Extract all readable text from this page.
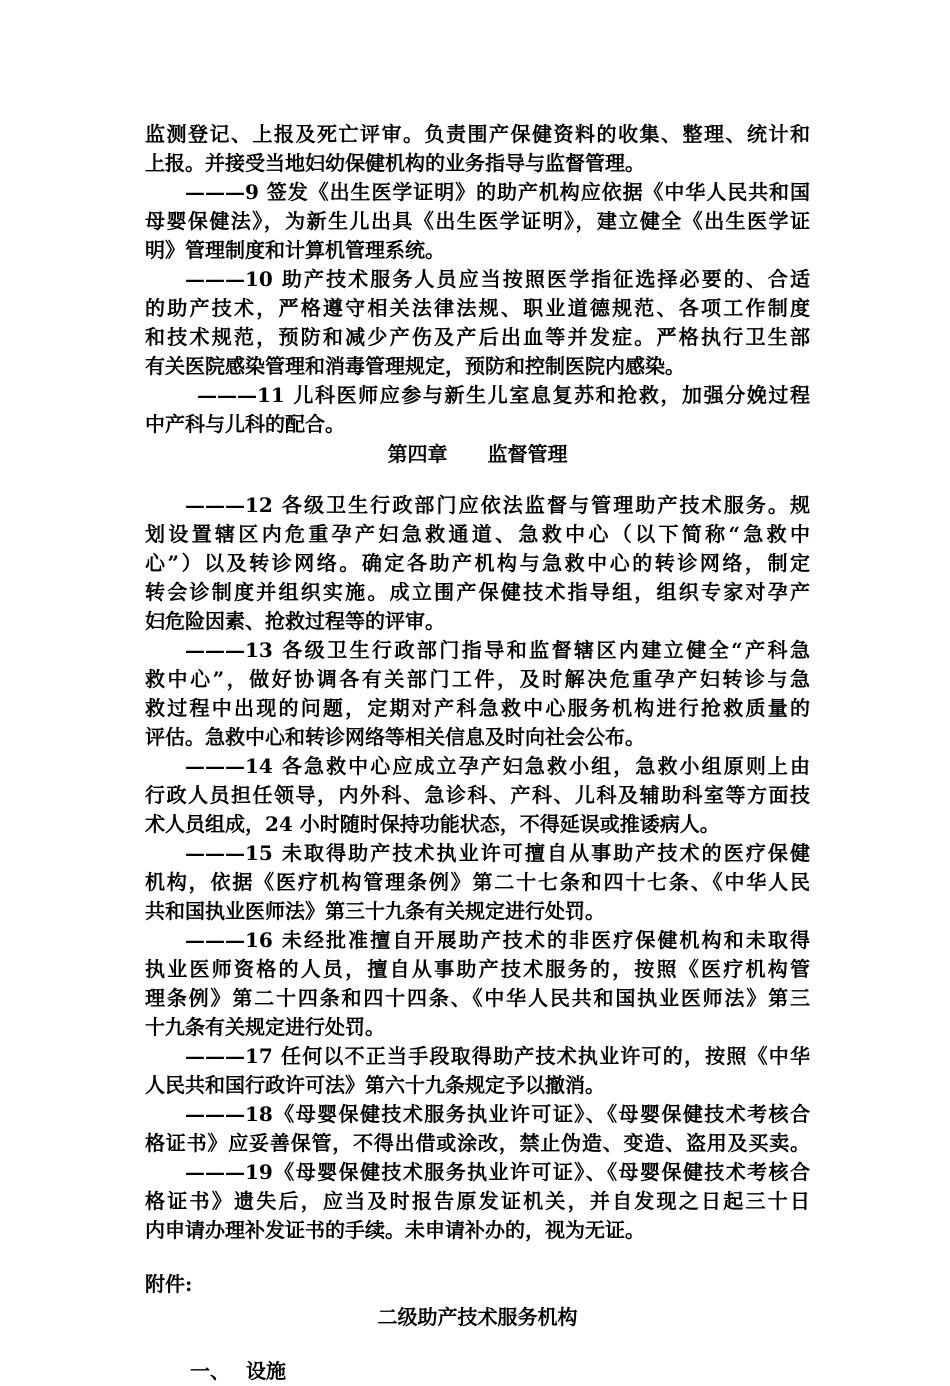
监测登记、上报及死亡评审。负责围产保健资料的收集、整理、统计和
上报。并接受当地妇幼保健机构的业务指导与监督管理。
———9 签发《出生医学证明》的助产机构应依据《中华人民共和国
母婴保健法》，为新生儿出具《出生医学证明》，建立健全《出生医学证
明》管理制度和计算机管理系统。
———10 助产技术服务人员应当按照医学指征选择必要的、合适
的助产技术，严格遵守相关法律法规、职业道德规范、各项工作制度
和技术规范，预防和减少产伤及产后出血等并发症。严格执行卫生部
有关医院感染管理和消毒管理规定，预防和控制医院内感染。
———11 儿科医师应参与新生儿室息复苏和抢救，加强分娩过程
中产科与儿科的配合。
第四章　　监督管理
———12 各级卫生行政部门应依法监督与管理助产技术服务。规
划设置辖区内危重孕产妇急救通道、急救中心（以下简称“急救中
心”）以及转诊网络。确定各助产机构与急救中心的转诊网络，制定
转会诊制度并组织实施。成立围产保健技术指导组，组织专家对孕产
妇危险因素、抢救过程等的评审。
———13 各级卫生行政部门指导和监督辖区内建立健全“产科急
救中心”，做好协调各有关部门工件，及时解决危重孕产妇转诊与急
救过程中出现的问题，定期对产科急救中心服务机构进行抢救质量的
评估。急救中心和转诊网络等相关信息及时向社会公布。
———14 各急救中心应成立孕产妇急救小组，急救小组原则上由
行政人员担任领导，内外科、急诊科、产科、儿科及辅助科室等方面技
术人员组成，24 小时随时保持功能状态，不得延误或推诿病人。
———15 未取得助产技术执业许可擅自从事助产技术的医疗保健
机构，依据《医疗机构管理条例》第二十七条和四十七条、《中华人民
共和国执业医师法》第三十九条有关规定进行处罚。
———16 未经批准擅自开展助产技术的非医疗保健机构和未取得
执业医师资格的人员，擅自从事助产技术服务的，按照《医疗机构管
理条例》第二十四条和四十四条、《中华人民共和国执业医师法》第三
十九条有关规定进行处罚。
———17 任何以不正当手段取得助产技术执业许可的，按照《中华
人民共和国行政许可法》第六十九条规定予以撤消。
———18《母婴保健技术服务执业许可证》、《母婴保健技术考核合
格证书》应妥善保管，不得出借或涂改，禁止伪造、变造、盗用及买卖。
———19《母婴保健技术服务执业许可证》、《母婴保健技术考核合
格证书》遗失后，应当及时报告原发证机关，并自发现之日起三十日
内申请办理补发证书的手续。未申请补办的，视为无证。
附件:
二级助产技术服务机构
一、 设施
